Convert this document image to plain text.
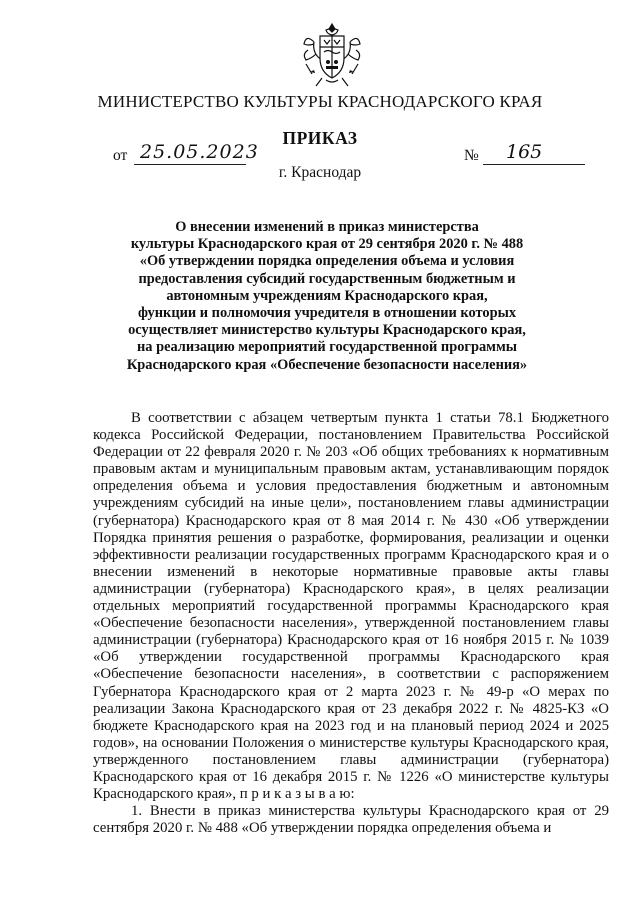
МИНИСТЕРСТВО КУЛЬТУРЫ КРАСНОДАРСКОГО КРАЯ
ПРИКАЗ
от 25.05.2023	№ 165
г. Краснодар
О внесении изменений в приказ министерства
культуры Краснодарского края от 29 сентября 2020 г. № 488
«Об утверждении порядка определения объема и условия
предоставления субсидий государственным бюджетным и
автономным учреждениям Краснодарского края,
функции и полномочия учредителя в отношении которых
осуществляет министерство культуры Краснодарского края,
на реализацию мероприятий государственной программы
Краснодарского края «Обеспечение безопасности населения»

В соответствии с абзацем четвертым пункта 1 статьи 78.1 Бюджетного кодекса Российской Федерации, постановлением Правительства Российской Федерации от 22 февраля 2020 г. № 203 «Об общих требованиях к нормативным правовым актам и муниципальным правовым актам, устанавливающим порядок определения объема и условия предоставления бюджетным и автономным учреждениям субсидий на иные цели», постановлением главы администрации (губернатора) Краснодарского края от 8 мая 2014 г. № 430 «Об утверждении Порядка принятия решения о разработке, формирования, реализации и оценки эффективности реализации государственных программ Краснодарского края и о внесении изменений в некоторые нормативные правовые акты главы администрации (губернатора) Краснодарского края», в целях реализации отдельных мероприятий государственной программы Краснодарского края «Обеспечение безопасности населения», утвержденной постановлением главы администрации (губернатора) Краснодарского края от 16 ноября 2015 г. № 1039 «Об утверждении государственной программы Краснодарского края «Обеспечение безопасности населения», в соответствии с распоряжением Губернатора Краснодарского края от 2 марта 2023 г. № 49-р «О мерах по реализации Закона Краснодарского края от 23 декабря 2022 г. № 4825-КЗ «О бюджете Краснодарского края на 2023 год и на плановый период 2024 и 2025 годов», на основании Положения о министерстве культуры Краснодарского края, утвержденного постановлением главы администрации (губернатора) Краснодарского края от 16 декабря 2015 г. № 1226 «О министерстве культуры Краснодарского края», п р и к а з ы в а ю:

1. Внести в приказ министерства культуры Краснодарского края от 29 сентября 2020 г. № 488 «Об утверждении порядка определения объема и
